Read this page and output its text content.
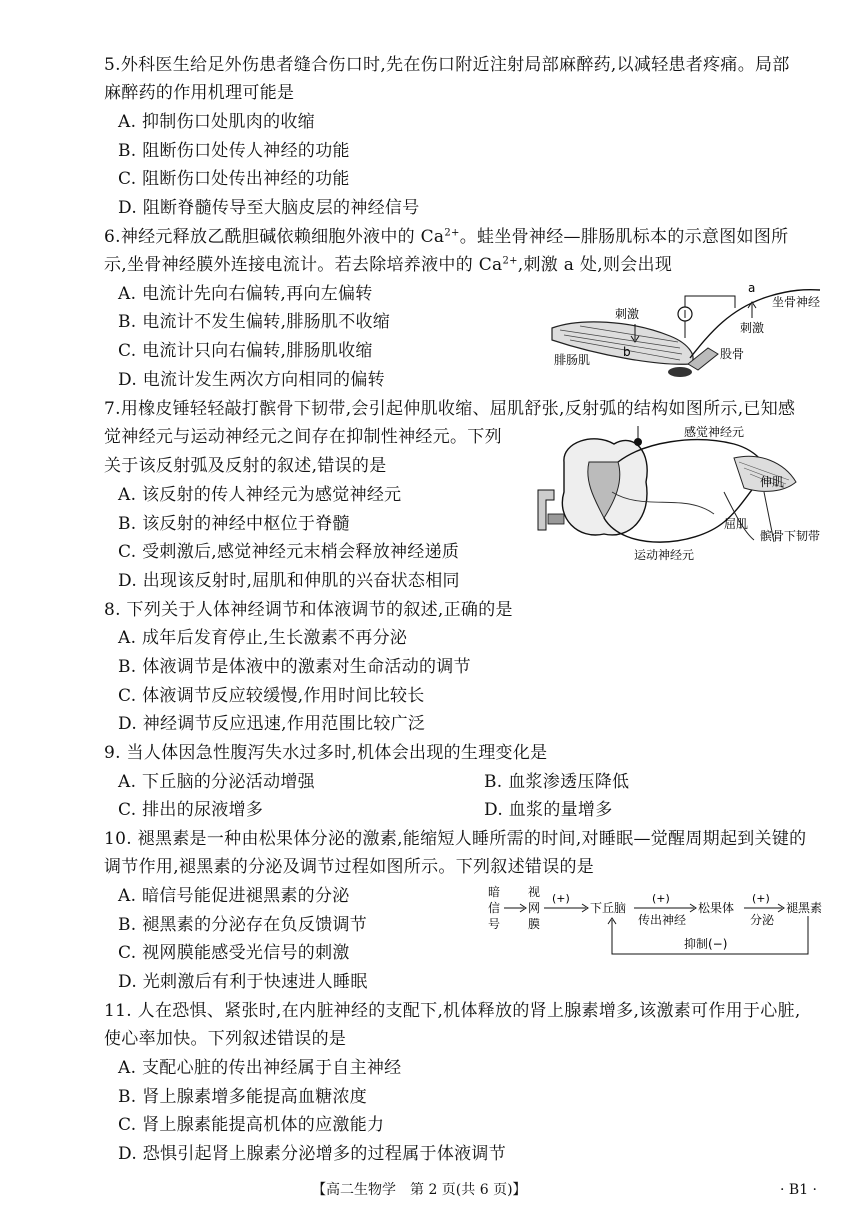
5.外科医生给足外伤患者缝合伤口时,先在伤口附近注射局部麻醉药,以减轻患者疼痛。局部
麻醉药的作用机理可能是
A. 抑制伤口处肌肉的收缩
B. 阻断伤口处传人神经的功能
C. 阻断伤口处传出神经的功能
D. 阻断脊髓传导至大脑皮层的神经信号
6.神经元释放乙酰胆碱依赖细胞外液中的 $Ca^{2+}$。蛙坐骨神经—腓肠肌标本的示意图如图所
示,坐骨神经膜外连接电流计。若去除培养液中的 $Ca^{2+}$,刺激 a 处,则会出现
A. 电流计先向右偏转,再向左偏转
B. 电流计不发生偏转,腓肠肌不收缩
C. 电流计只向右偏转,腓肠肌收缩
D. 电流计发生两次方向相同的偏转
a
b
坐骨神经
刺激
刺激
腓肠肌	股骨
7.用橡皮锤轻轻敲打髌骨下韧带,会引起伸肌收缩、屈肌舒张,反射弧的结构如图所示,已知感
觉神经元与运动神经元之间存在抑制性神经元。下列
关于该反射弧及反射的叙述,错误的是
A. 该反射的传人神经元为感觉神经元
B. 该反射的神经中枢位于脊髓
C. 受刺激后,感觉神经元末梢会释放神经递质
D. 出现该反射时,屈肌和伸肌的兴奋状态相同
感觉神经元
伸肌
屈肌
运动神经元
髌骨下韧带
8. 下列关于人体神经调节和体液调节的叙述,正确的是
A. 成年后发育停止,生长激素不再分泌
B. 体液调节是体液中的激素对生命活动的调节
C. 体液调节反应较缓慢,作用时间比较长
D. 神经调节反应迅速,作用范围比较广泛
9. 当人体因急性腹泻失水过多时,机体会出现的生理变化是
A. 下丘脑的分泌活动增强	B. 血浆渗透压降低
C. 排出的尿液增多	D. 血浆的量增多
10. 褪黑素是一种由松果体分泌的激素,能缩短人睡所需的时间,对睡眠—觉醒周期起到关键的
调节作用,褪黑素的分泌及调节过程如图所示。下列叙述错误的是
A. 暗信号能促进褪黑素的分泌
B. 褪黑素的分泌存在负反馈调节
C. 视网膜能感受光信号的刺激
D. 光刺激后有利于快速进人睡眠
暗
信
号
视
网
膜
(+)
下丘脑
(+)
传出神经
松果体
(+)
分泌
褪黑素
抑制(−)
11. 人在恐惧、紧张时,在内脏神经的支配下,机体释放的肾上腺素增多,该激素可作用于心脏,
使心率加快。下列叙述错误的是
A. 支配心脏的传出神经属于自主神经
B. 肾上腺素增多能提高血糖浓度
C. 肾上腺素能提高机体的应激能力
D. 恐惧引起肾上腺素分泌增多的过程属于体液调节
【高二生物学　第 2 页(共 6 页)】	· B1 ·
